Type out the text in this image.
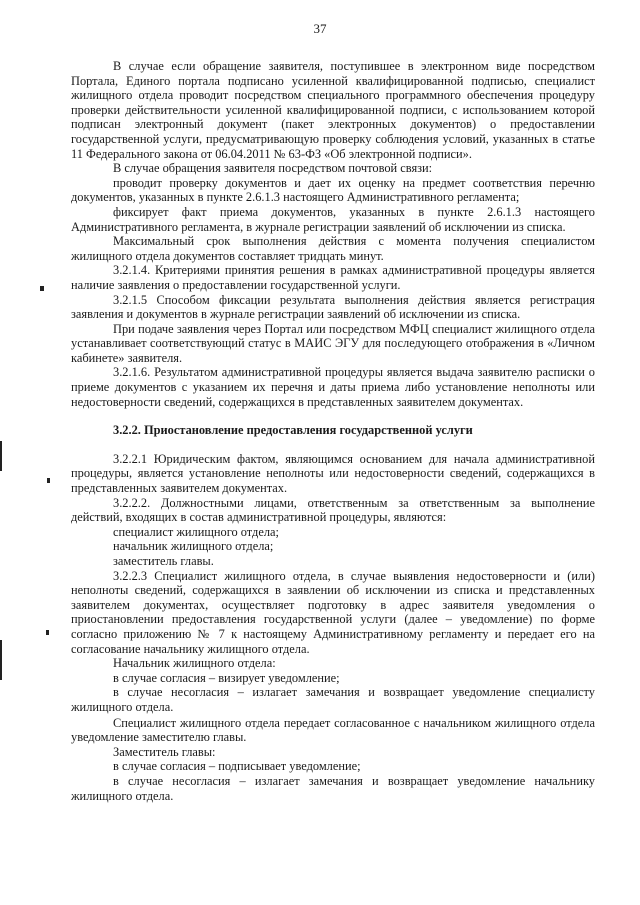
37

В случае если обращение заявителя, поступившее в электронном виде посредством Портала, Единого портала подписано усиленной квалифицированной подписью, специалист жилищного отдела проводит посредством специального программного обеспечения процедуру проверки действительности усиленной квалифицированной подписи, с использованием которой подписан электронный документ (пакет электронных документов) о предоставлении государственной услуги, предусматривающую проверку соблюдения условий, указанных в статье 11 Федерального закона от 06.04.2011 № 63-ФЗ «Об электронной подписи».

В случае обращения заявителя посредством почтовой связи:

проводит проверку документов и дает их оценку на предмет соответствия перечню документов, указанных в пункте 2.6.1.3 настоящего Административного регламента;

фиксирует факт приема документов, указанных в пункте 2.6.1.3 настоящего Административного регламента, в журнале регистрации заявлений об исключении из списка.

Максимальный срок выполнения действия с момента получения специалистом жилищного отдела документов составляет тридцать минут.

3.2.1.4. Критериями принятия решения в рамках административной процедуры является наличие заявления о предоставлении государственной услуги.

3.2.1.5 Способом фиксации результата выполнения действия является регистрация заявления и документов в журнале регистрации заявлений об исключении из списка.

При подаче заявления через Портал или посредством МФЦ специалист жилищного отдела устанавливает соответствующий статус в МАИС ЭГУ для последующего отображения в «Личном кабинете» заявителя.

3.2.1.6. Результатом административной процедуры является выдача заявителю расписки о приеме документов с указанием их перечня и даты приема либо установление неполноты или недостоверности сведений, содержащихся в представленных заявителем документах.

3.2.2. Приостановление предоставления государственной услуги

3.2.2.1 Юридическим фактом, являющимся основанием для начала административной процедуры, является установление неполноты или недостоверности сведений, содержащихся в представленных заявителем документах.

3.2.2.2. Должностными лицами, ответственным за ответственным за выполнение действий, входящих в состав административной процедуры, являются:

специалист жилищного отдела;

начальник жилищного отдела;

заместитель главы.

3.2.2.3 Специалист жилищного отдела, в случае выявления недостоверности и (или) неполноты сведений, содержащихся в заявлении об исключении из списка и представленных заявителем документах, осуществляет подготовку в адрес заявителя уведомления о приостановлении предоставления государственной услуги (далее – уведомление) по форме согласно приложению № 7 к настоящему Административному регламенту и передает его на согласование начальнику жилищного отдела.

Начальник жилищного отдела:

в случае согласия – визирует уведомление;

в случае несогласия – излагает замечания и возвращает уведомление специалисту жилищного отдела.

Специалист жилищного отдела передает согласованное с начальником жилищного отдела уведомление заместителю главы.

Заместитель главы:

в случае согласия – подписывает уведомление;

в случае несогласия – излагает замечания и возвращает уведомление начальнику жилищного отдела.
